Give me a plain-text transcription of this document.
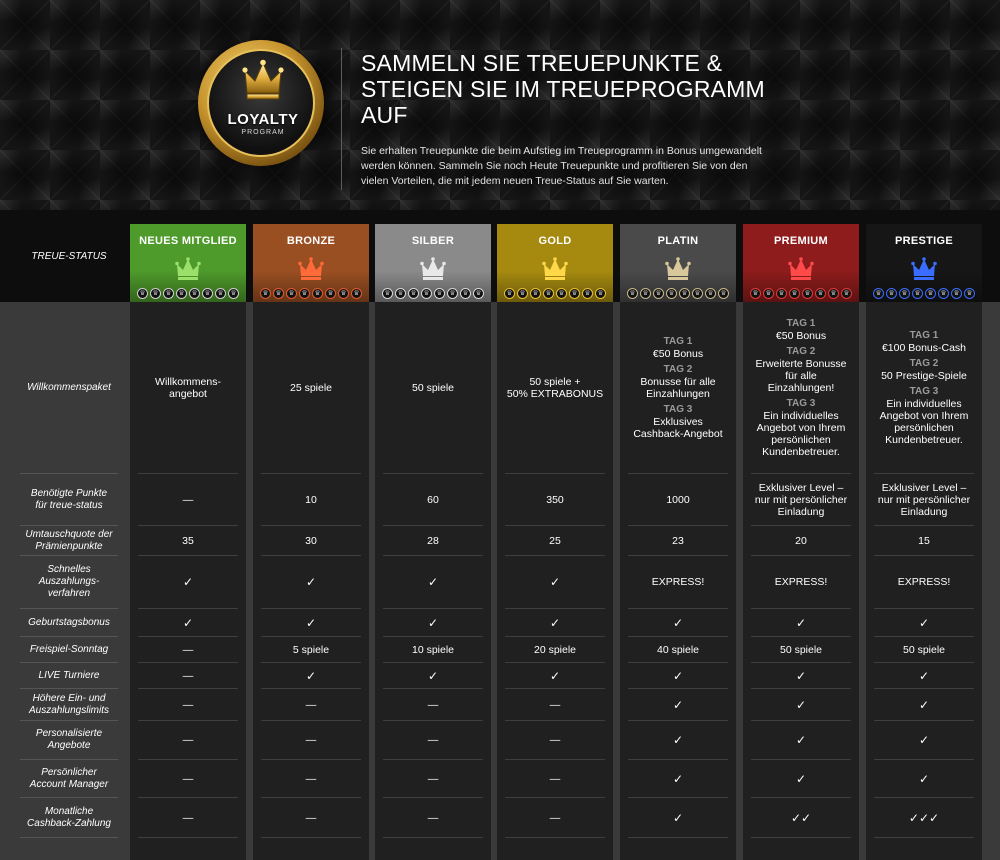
LOYALTY
PROGRAM
SAMMELN SIE TREUEPUNKTE &
STEIGEN SIE IM TREUEPROGRAMM
AUF
Sie erhalten Treuepunkte die beim Aufstieg im Treueprogramm in Bonus umgewandelt
werden können. Sammeln Sie noch Heute Treuepunkte und profitieren Sie von den
vielen Vorteilen, die mit jedem neuen Treue-Status auf Sie warten.
TREUE-STATUS
Willkommenspaket
Benötigte Punkte
für treue-status
Umtauschquote der
Prämienpunkte
Schnelles
Auszahlungs-
verfahren
Geburtstagsbonus
Freispiel-Sonntag
LIVE Turniere
Höhere Ein- und
Auszahlungslimits
Personalisierte
Angebote
Persönlicher
Account Manager
Monatliche
Cashback-Zahlung
NEUES MITGLIED
♛ ♛ ♛ ♛ ♛ ♛ ♛ ♛
Willkommens-
angebot
—
35
✓
✓
—
—
—
—
—
—
BRONZE
♛ ♛ ♛ ♛ ♛ ♛ ♛ ♛
25 spiele
10
30
✓
✓
5 spiele
✓
—
—
—
—
SILBER
♛ ♛ ♛ ♛ ♛ ♛ ♛ ♛
50 spiele
60
28
✓
✓
10 spiele
✓
—
—
—
—
GOLD
♛ ♛ ♛ ♛ ♛ ♛ ♛ ♛
50 spiele +
50% EXTRABONUS
350
25
✓
✓
20 spiele
✓
—
—
—
—
PLATIN
♛ ♛ ♛ ♛ ♛ ♛ ♛ ♛
TAG 1
€50 Bonus
TAG 2
Bonusse für alle
Einzahlungen
TAG 3
Exklusives
Cashback-Angebot
1000
23
EXPRESS!
✓
40 spiele
✓
✓
✓
✓
✓
PREMIUM
♛ ♛ ♛ ♛ ♛ ♛ ♛ ♛
TAG 1
€50 Bonus
TAG 2
Erweiterte Bonusse
für alle
Einzahlungen!
TAG 3
Ein individuelles
Angebot von Ihrem
persönlichen
Kundenbetreuer.
Exklusiver Level –
nur mit persönlicher
Einladung
20
EXPRESS!
✓
50 spiele
✓
✓
✓
✓
✓✓
PRESTIGE
♛ ♛ ♛ ♛ ♛ ♛ ♛ ♛
TAG 1
€100 Bonus-Cash
TAG 2
50 Prestige-Spiele
TAG 3
Ein individuelles
Angebot von Ihrem
persönlichen
Kundenbetreuer.
Exklusiver Level –
nur mit persönlicher
Einladung
15
EXPRESS!
✓
50 spiele
✓
✓
✓
✓
✓✓✓
